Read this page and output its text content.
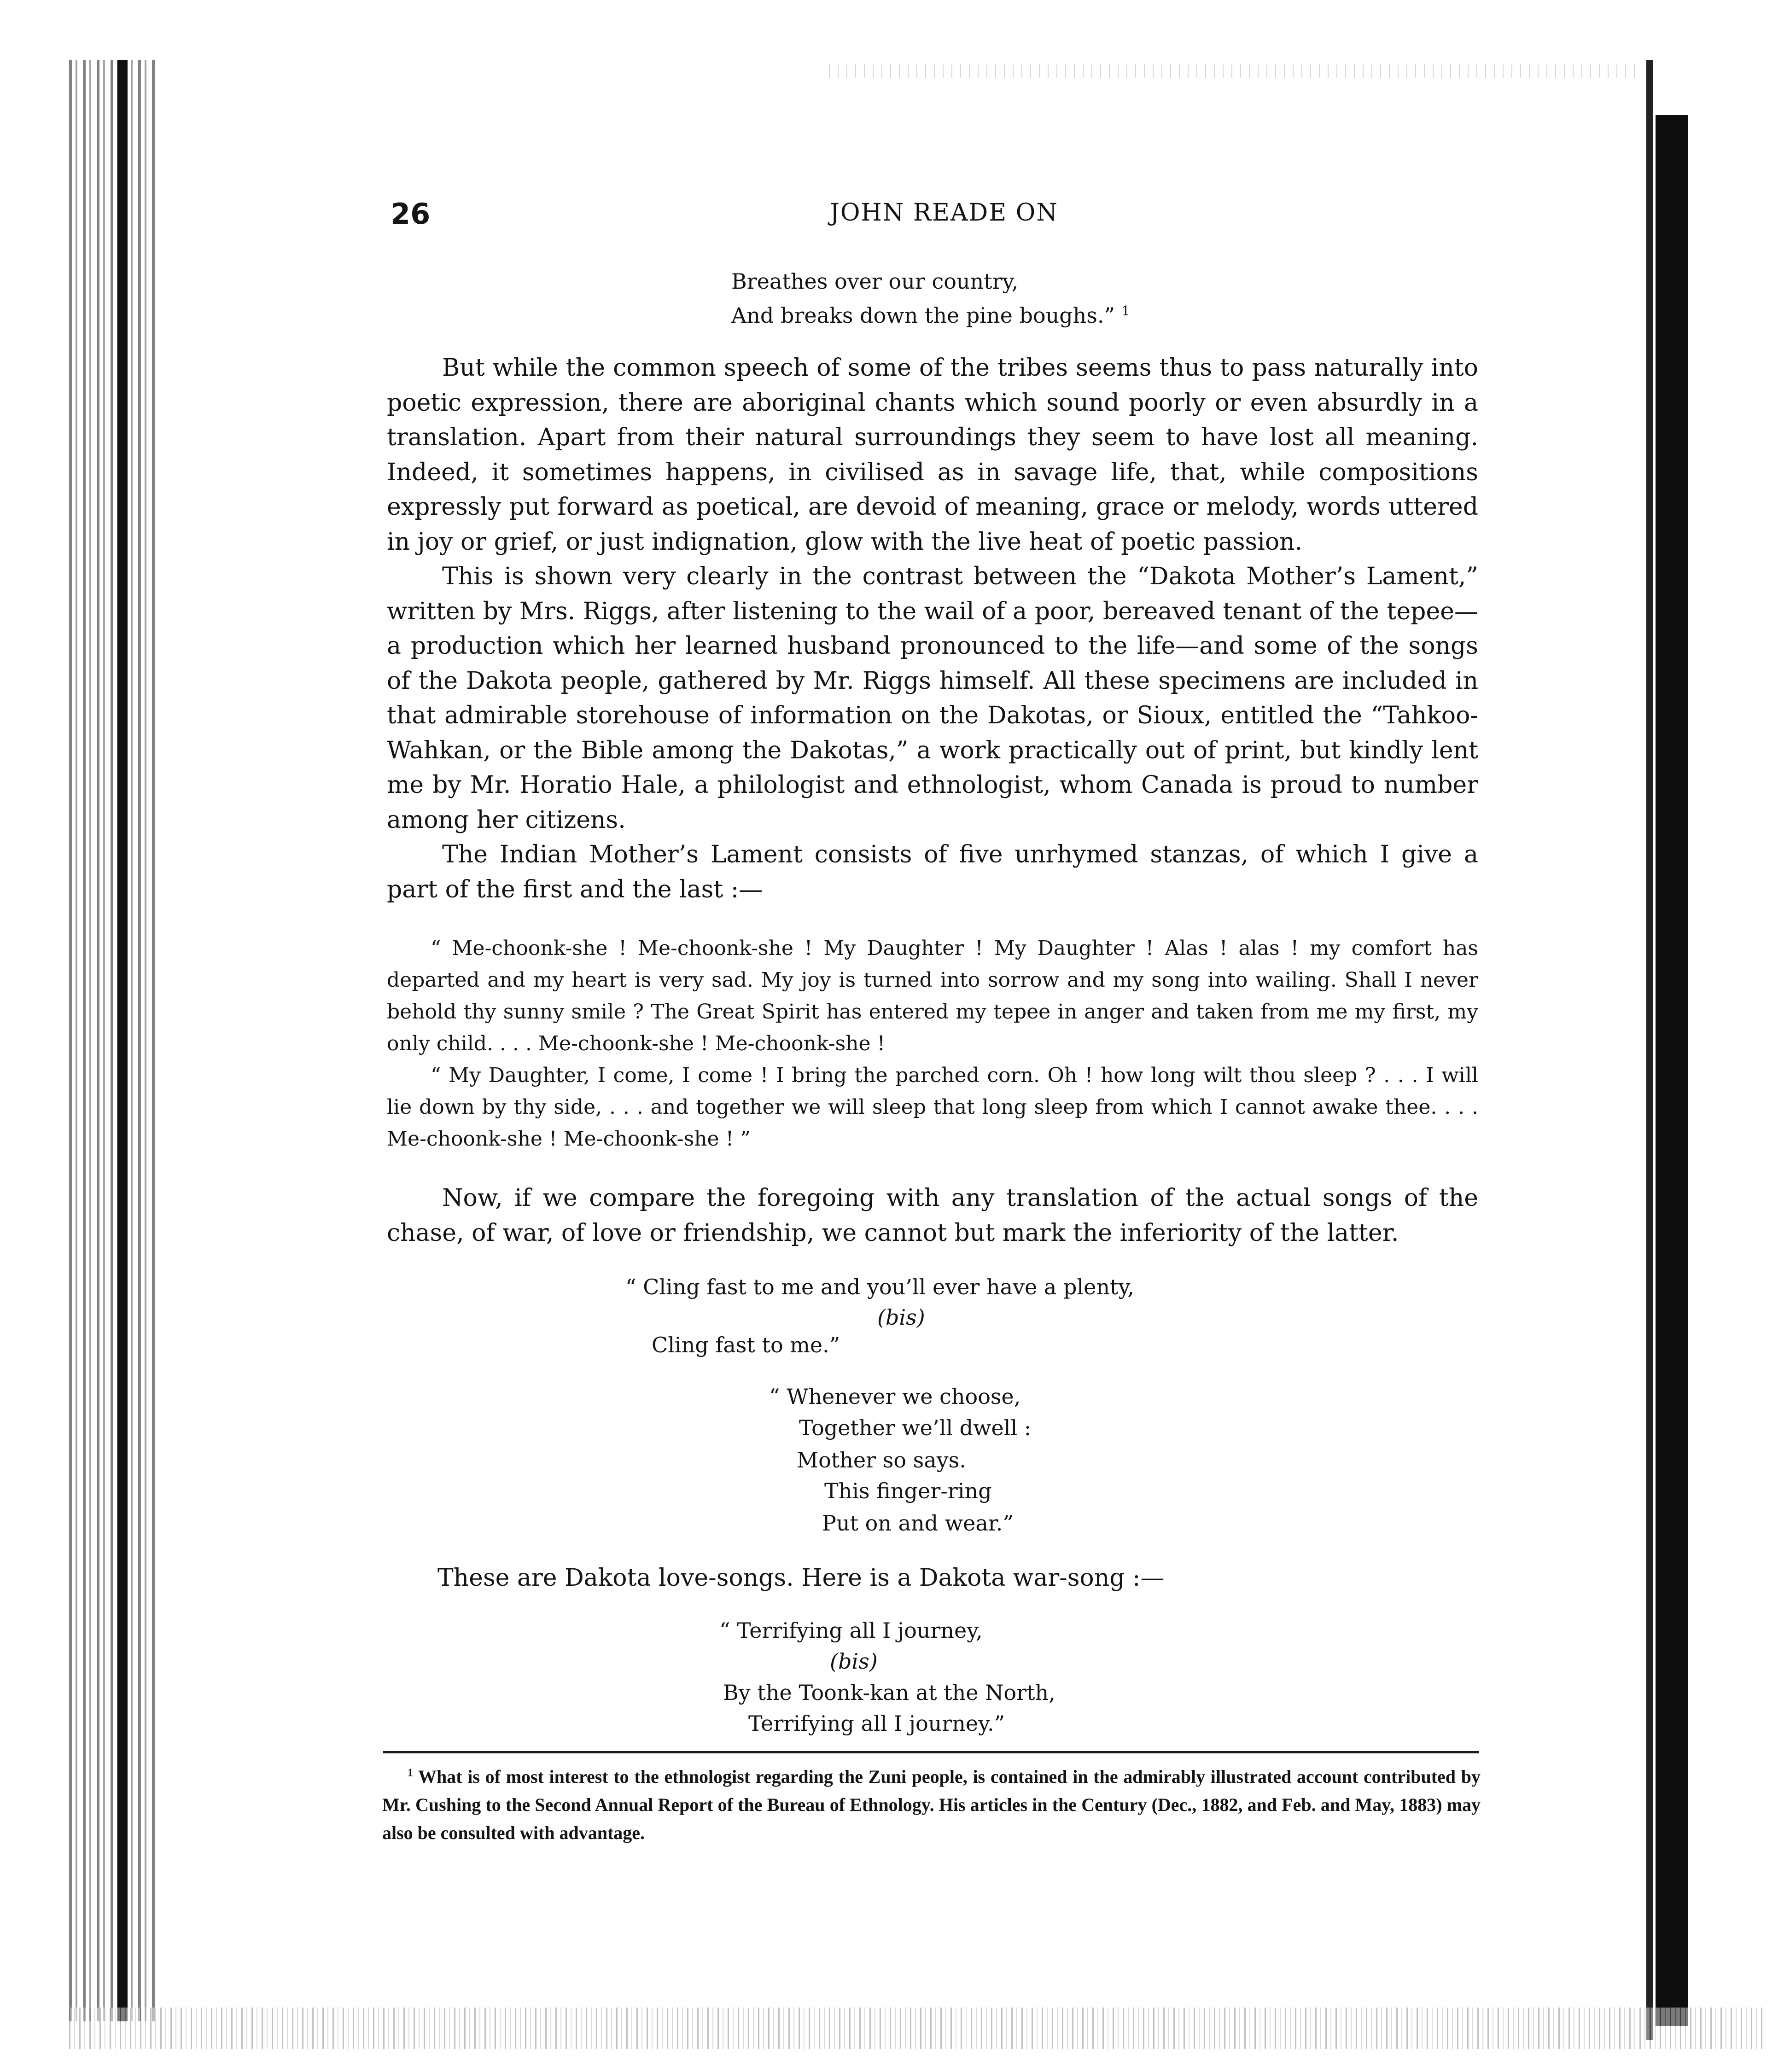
26	JOHN READE ON
Breathes over our country,
And breaks down the pine boughs.” $^1$

But while the common speech of some of the tribes seems thus to pass naturally into poetic expression, there are aboriginal chants which sound poorly or even absurdly in a translation. Apart from their natural surroundings they seem to have lost all meaning. Indeed, it sometimes happens, in civilised as in savage life, that, while compositions expressly put forward as poetical, are devoid of meaning, grace or melody, words uttered in joy or grief, or just indignation, glow with the live heat of poetic passion.

This is shown very clearly in the contrast between the “Dakota Mother’s Lament,” written by Mrs. Riggs, after listening to the wail of a poor, bereaved tenant of the tepee—a production which her learned husband pronounced to the life—and some of the songs of the Dakota people, gathered by Mr. Riggs himself. All these specimens are included in that admirable storehouse of information on the Dakotas, or Sioux, entitled the “Tahkoo-Wahkan, or the Bible among the Dakotas,” a work practically out of print, but kindly lent me by Mr. Horatio Hale, a philologist and ethnologist, whom Canada is proud to number among her citizens.

The Indian Mother’s Lament consists of five unrhymed stanzas, of which I give a part of the first and the last :—

“ Me-choonk-she ! Me-choonk-she ! My Daughter ! My Daughter ! Alas ! alas ! my comfort has departed and my heart is very sad. My joy is turned into sorrow and my song into wailing. Shall I never behold thy sunny smile ? The Great Spirit has entered my tepee in anger and taken from me my first, my only child. . . . Me-choonk-she ! Me-choonk-she !

“ My Daughter, I come, I come ! I bring the parched corn. Oh ! how long wilt thou sleep ? . . . I will lie down by thy side, . . . and together we will sleep that long sleep from which I cannot awake thee. . . . Me-choonk-she ! Me-choonk-she ! ”

Now, if we compare the foregoing with any translation of the actual songs of the chase, of war, of love or friendship, we cannot but mark the inferiority of the latter.

“ Cling fast to me and you’ll ever have a plenty,
(bis)
Cling fast to me.”
“ Whenever we choose,
Together we’ll dwell :
Mother so says.
This finger-ring
Put on and wear.”
These are Dakota love-songs. Here is a Dakota war-song :—
“ Terrifying all I journey,
(bis)
By the Toonk-kan at the North,
Terrifying all I journey.”

$^1$ What is of most interest to the ethnologist regarding the Zuni people, is contained in the admirably illustrated account contributed by Mr. Cushing to the Second Annual Report of the Bureau of Ethnology. His articles in the Century (Dec., 1882, and Feb. and May, 1883) may also be consulted with advantage.
